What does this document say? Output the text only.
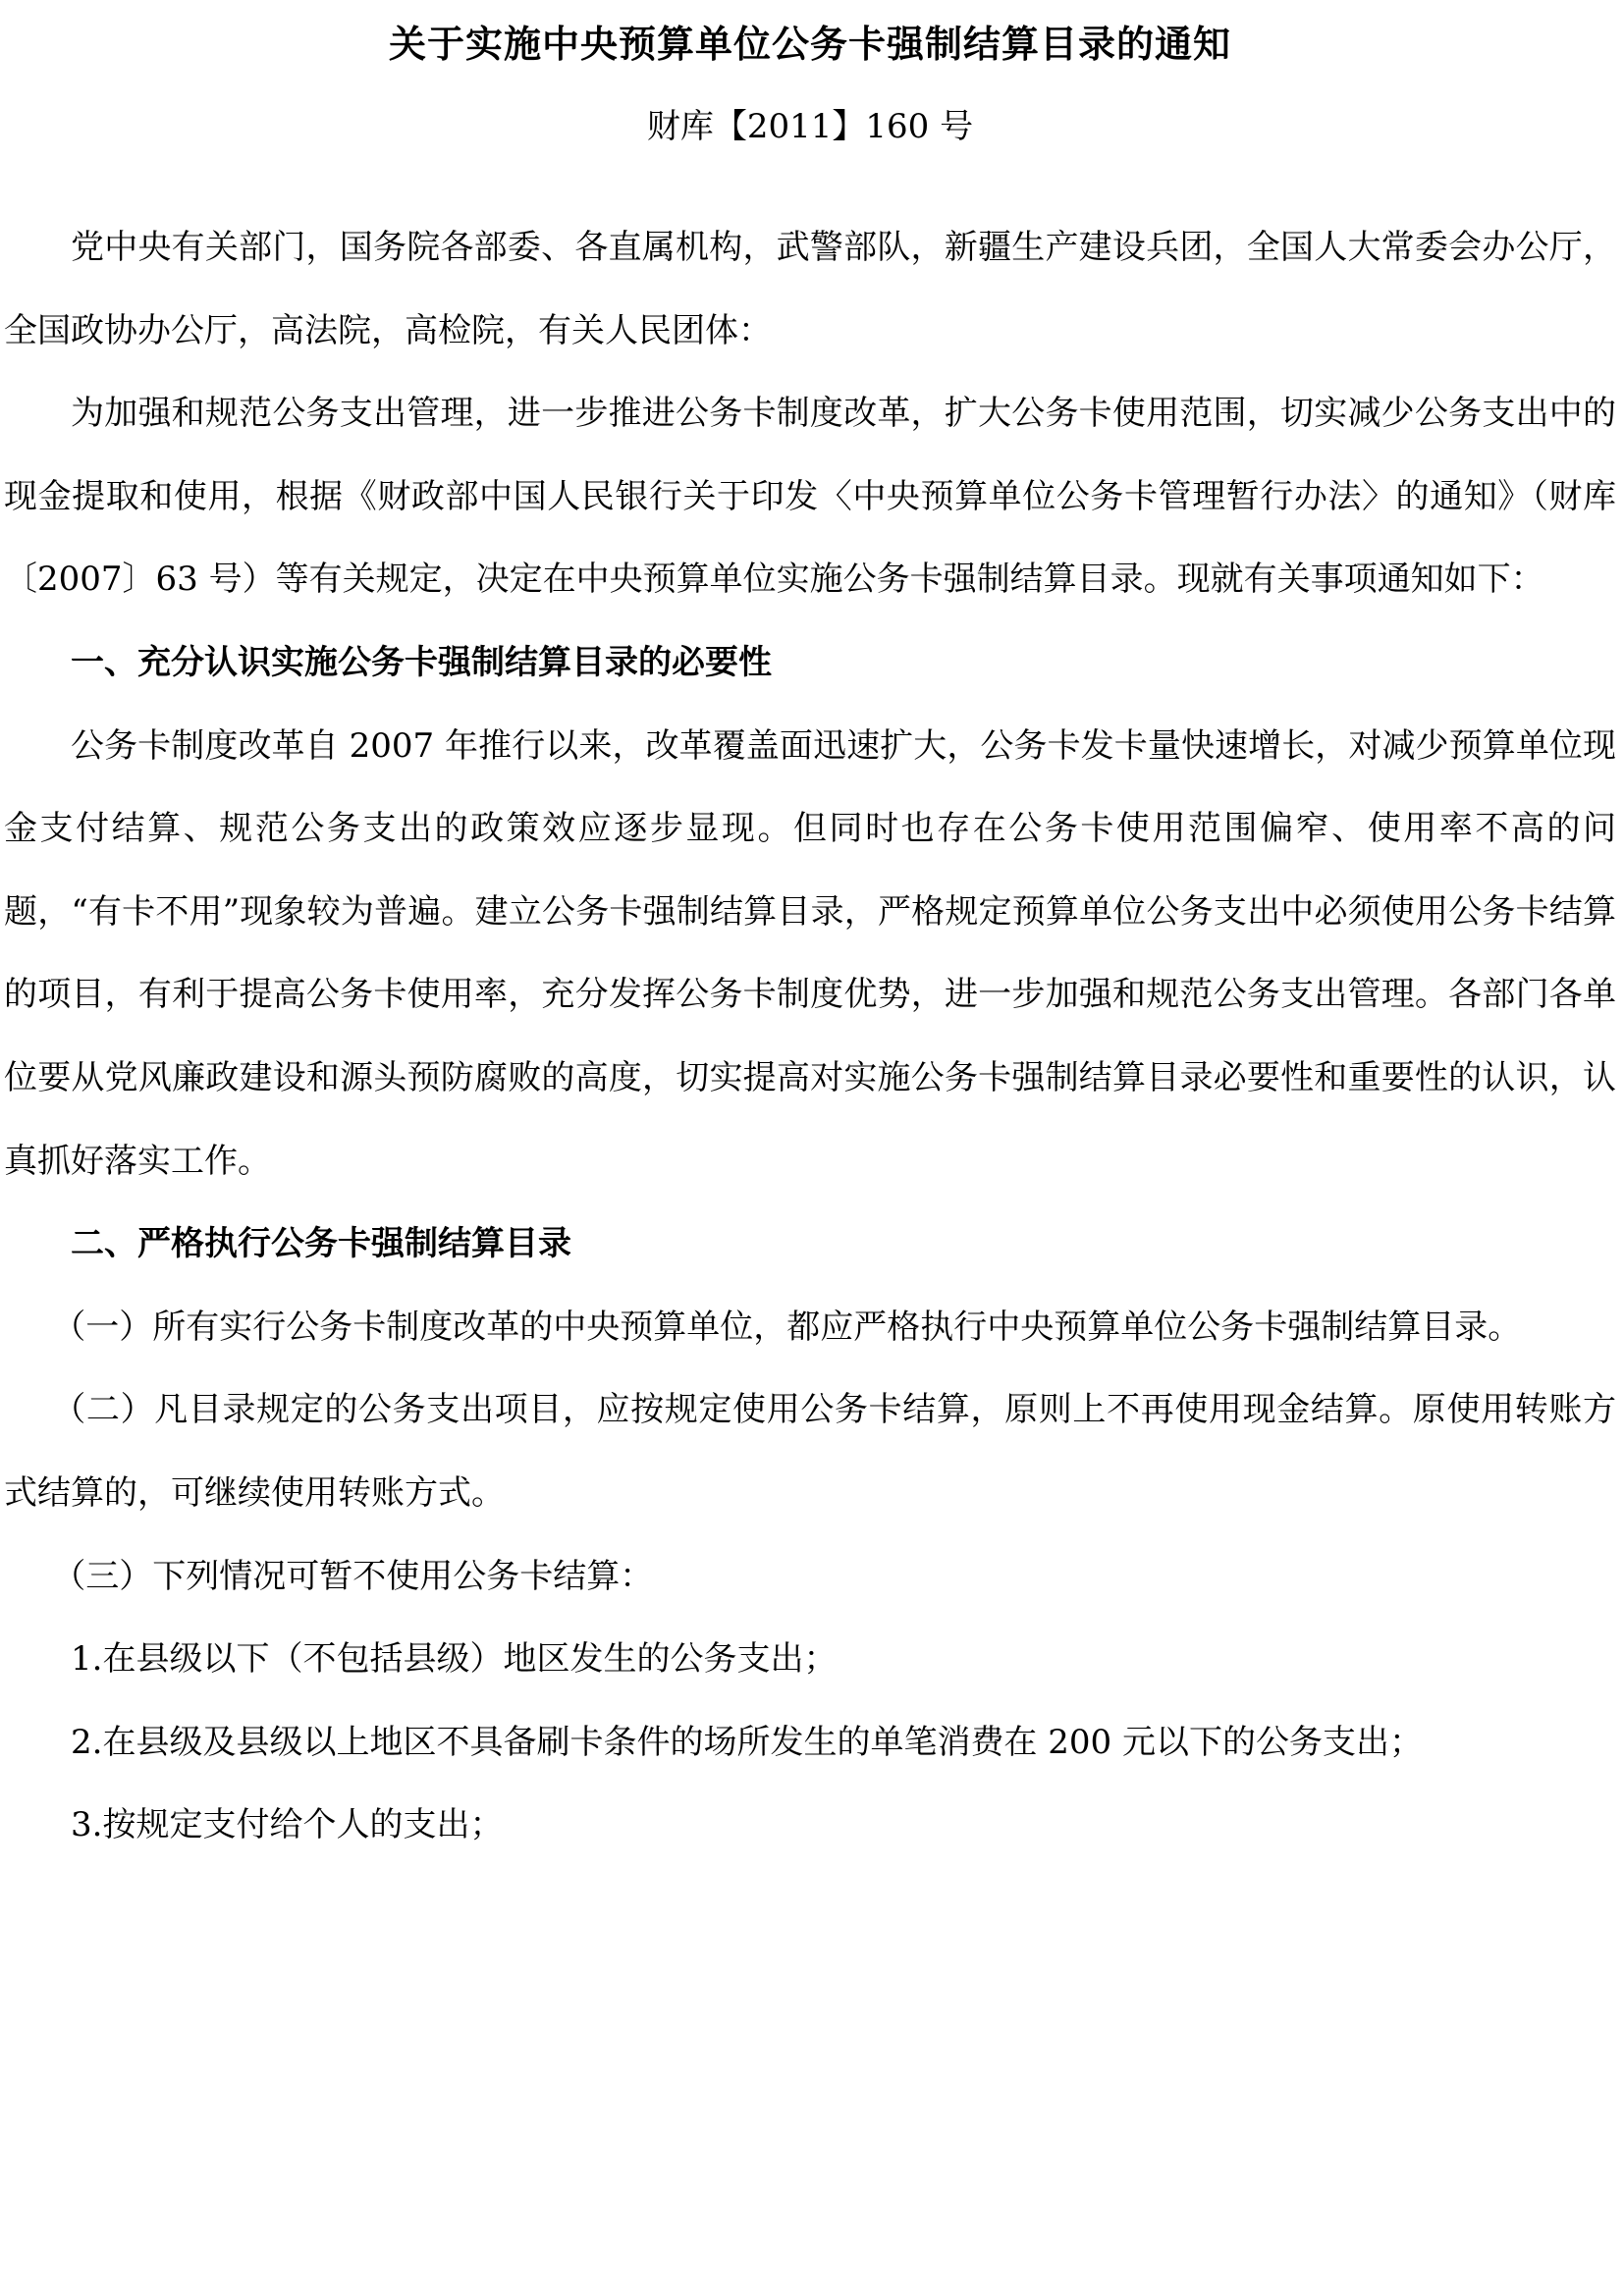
关于实施中央预算单位公务卡强制结算目录的通知
财库【2011】160 号

党中央有关部门，国务院各部委、各直属机构，武警部队，新疆生产建设兵团，全国人大常委会办公厅，全国政协办公厅，高法院，高检院，有关人民团体：

为加强和规范公务支出管理，进一步推进公务卡制度改革，扩大公务卡使用范围，切实减少公务支出中的现金提取和使用，根据《财政部中国人民银行关于印发〈中央预算单位公务卡管理暂行办法〉的通知》（财库〔2007〕63 号）等有关规定，决定在中央预算单位实施公务卡强制结算目录。现就有关事项通知如下：

一、充分认识实施公务卡强制结算目录的必要性

公务卡制度改革自 2007 年推行以来，改革覆盖面迅速扩大，公务卡发卡量快速增长，对减少预算单位现金支付结算、规范公务支出的政策效应逐步显现。但同时也存在公务卡使用范围偏窄、使用率不高的问题，“有卡不用”现象较为普遍。建立公务卡强制结算目录，严格规定预算单位公务支出中必须使用公务卡结算的项目，有利于提高公务卡使用率，充分发挥公务卡制度优势，进一步加强和规范公务支出管理。各部门各单位要从党风廉政建设和源头预防腐败的高度，切实提高对实施公务卡强制结算目录必要性和重要性的认识，认真抓好落实工作。

二、严格执行公务卡强制结算目录

（一）所有实行公务卡制度改革的中央预算单位，都应严格执行中央预算单位公务卡强制结算目录。

（二）凡目录规定的公务支出项目，应按规定使用公务卡结算，原则上不再使用现金结算。原使用转账方式结算的，可继续使用转账方式。

（三）下列情况可暂不使用公务卡结算：

1.在县级以下（不包括县级）地区发生的公务支出；

2.在县级及县级以上地区不具备刷卡条件的场所发生的单笔消费在 200 元以下的公务支出；

3.按规定支付给个人的支出；
